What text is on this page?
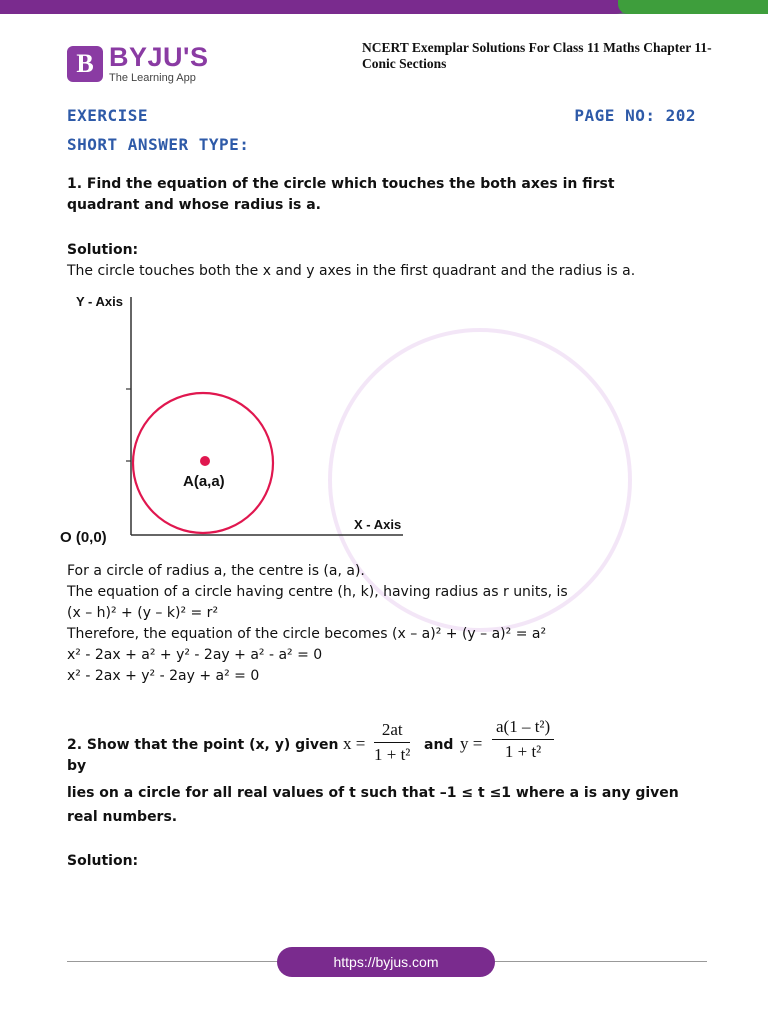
B BYJU'S
The Learning App
NCERT Exemplar Solutions For Class 11 Maths Chapter 11- Conic Sections
EXERCISE	PAGE NO: 202
SHORT ANSWER TYPE:
1. Find the equation of the circle which touches the both axes in first quadrant and whose radius is a.
Solution:
The circle touches both the x and y axes in the first quadrant and the radius is a.
Y - Axis
X - Axis
O (0,0)
A(a,a)
For a circle of radius a, the centre is (a, a).
The equation of a circle having centre (h, k), having radius as r units, is
(x – h)² + (y – k)² = r²
Therefore, the equation of the circle becomes (x – a)² + (y – a)² = a²
x² - 2ax + a² + y² - 2ay + a² - a² = 0
x² - 2ax + y² - 2ay + a² = 0
2. Show that the point (x, y) given by
x =
2at
1 + t² and y =
a(1 – t²)
1 + t²
lies on a circle for all real values of t such that –1 ≤ t ≤1 where a is any given
real numbers.
Solution:
https://byjus.com
